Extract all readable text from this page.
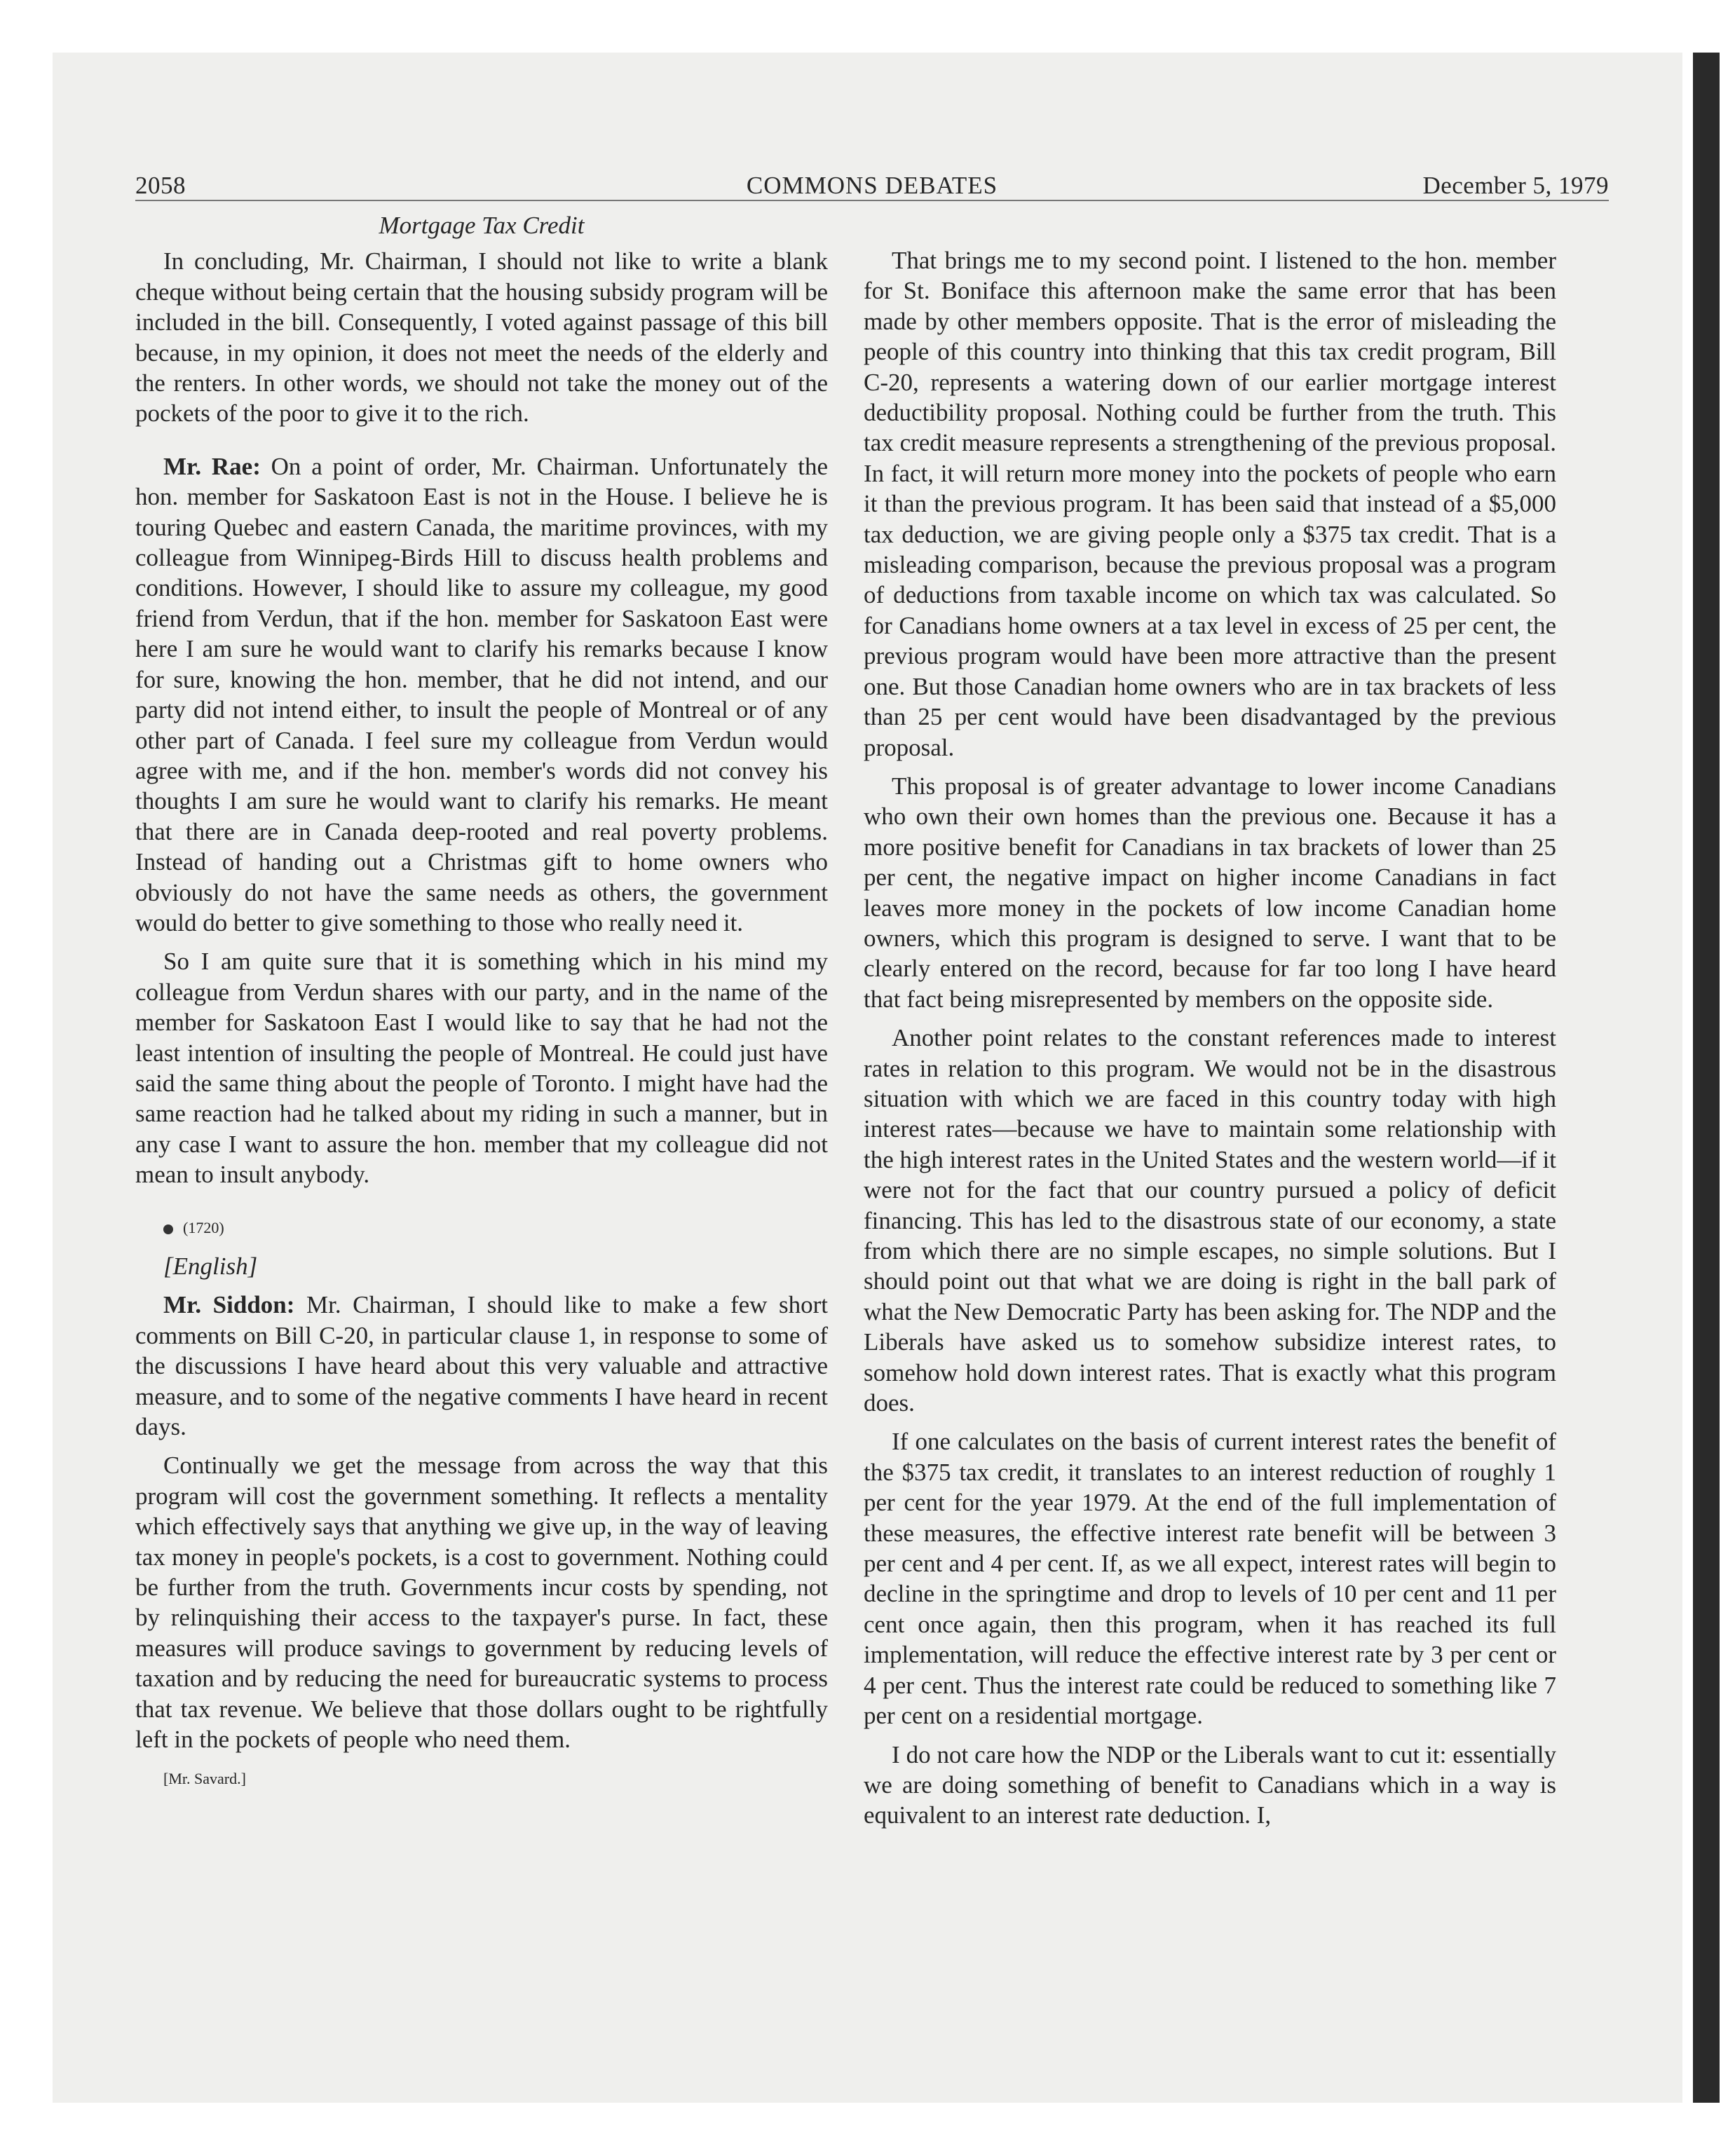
2058	COMMONS DEBATES	December 5, 1979
Mortgage Tax Credit

In concluding, Mr. Chairman, I should not like to write a blank cheque without being certain that the housing subsidy program will be included in the bill. Consequently, I voted against passage of this bill because, in my opinion, it does not meet the needs of the elderly and the renters. In other words, we should not take the money out of the pockets of the poor to give it to the rich.

Mr. Rae: On a point of order, Mr. Chairman. Unfortunately the hon. member for Saskatoon East is not in the House. I believe he is touring Quebec and eastern Canada, the maritime provinces, with my colleague from Winnipeg-Birds Hill to discuss health problems and conditions. However, I should like to assure my colleague, my good friend from Verdun, that if the hon. member for Saskatoon East were here I am sure he would want to clarify his remarks because I know for sure, knowing the hon. member, that he did not intend, and our party did not intend either, to insult the people of Montreal or of any other part of Canada. I feel sure my colleague from Verdun would agree with me, and if the hon. member's words did not convey his thoughts I am sure he would want to clarify his remarks. He meant that there are in Canada deep-rooted and real poverty problems. Instead of handing out a Christmas gift to home owners who obviously do not have the same needs as others, the government would do better to give something to those who really need it.

So I am quite sure that it is something which in his mind my colleague from Verdun shares with our party, and in the name of the member for Saskatoon East I would like to say that he had not the least intention of insulting the people of Montreal. He could just have said the same thing about the people of Toronto. I might have had the same reaction had he talked about my riding in such a manner, but in any case I want to assure the hon. member that my colleague did not mean to insult anybody.

(1720)

[English]

Mr. Siddon: Mr. Chairman, I should like to make a few short comments on Bill C-20, in particular clause 1, in response to some of the discussions I have heard about this very valuable and attractive measure, and to some of the negative comments I have heard in recent days.

Continually we get the message from across the way that this program will cost the government something. It reflects a mentality which effectively says that anything we give up, in the way of leaving tax money in people's pockets, is a cost to government. Nothing could be further from the truth. Governments incur costs by spending, not by relinquishing their access to the taxpayer's purse. In fact, these measures will produce savings to government by reducing levels of taxation and by reducing the need for bureaucratic systems to process that tax revenue. We believe that those dollars ought to be rightfully left in the pockets of people who need them.

[Mr. Savard.]

That brings me to my second point. I listened to the hon. member for St. Boniface this afternoon make the same error that has been made by other members opposite. That is the error of misleading the people of this country into thinking that this tax credit program, Bill C-20, represents a watering down of our earlier mortgage interest deductibility proposal. Nothing could be further from the truth. This tax credit measure represents a strengthening of the previous proposal. In fact, it will return more money into the pockets of people who earn it than the previous program. It has been said that instead of a $5,000 tax deduction, we are giving people only a $375 tax credit. That is a misleading comparison, because the previous proposal was a program of deductions from taxable income on which tax was calculated. So for Canadians home owners at a tax level in excess of 25 per cent, the previous program would have been more attractive than the present one. But those Canadian home owners who are in tax brackets of less than 25 per cent would have been disadvantaged by the previous proposal.

This proposal is of greater advantage to lower income Canadians who own their own homes than the previous one. Because it has a more positive benefit for Canadians in tax brackets of lower than 25 per cent, the negative impact on higher income Canadians in fact leaves more money in the pockets of low income Canadian home owners, which this program is designed to serve. I want that to be clearly entered on the record, because for far too long I have heard that fact being misrepresented by members on the opposite side.

Another point relates to the constant references made to interest rates in relation to this program. We would not be in the disastrous situation with which we are faced in this country today with high interest rates—because we have to maintain some relationship with the high interest rates in the United States and the western world—if it were not for the fact that our country pursued a policy of deficit financing. This has led to the disastrous state of our economy, a state from which there are no simple escapes, no simple solutions. But I should point out that what we are doing is right in the ball park of what the New Democratic Party has been asking for. The NDP and the Liberals have asked us to somehow subsidize interest rates, to somehow hold down interest rates. That is exactly what this program does.

If one calculates on the basis of current interest rates the benefit of the $375 tax credit, it translates to an interest reduction of roughly 1 per cent for the year 1979. At the end of the full implementation of these measures, the effective interest rate benefit will be between 3 per cent and 4 per cent. If, as we all expect, interest rates will begin to decline in the springtime and drop to levels of 10 per cent and 11 per cent once again, then this program, when it has reached its full implementation, will reduce the effective interest rate by 3 per cent or 4 per cent. Thus the interest rate could be reduced to something like 7 per cent on a residential mortgage.

I do not care how the NDP or the Liberals want to cut it: essentially we are doing something of benefit to Canadians which in a way is equivalent to an interest rate deduction. I,
